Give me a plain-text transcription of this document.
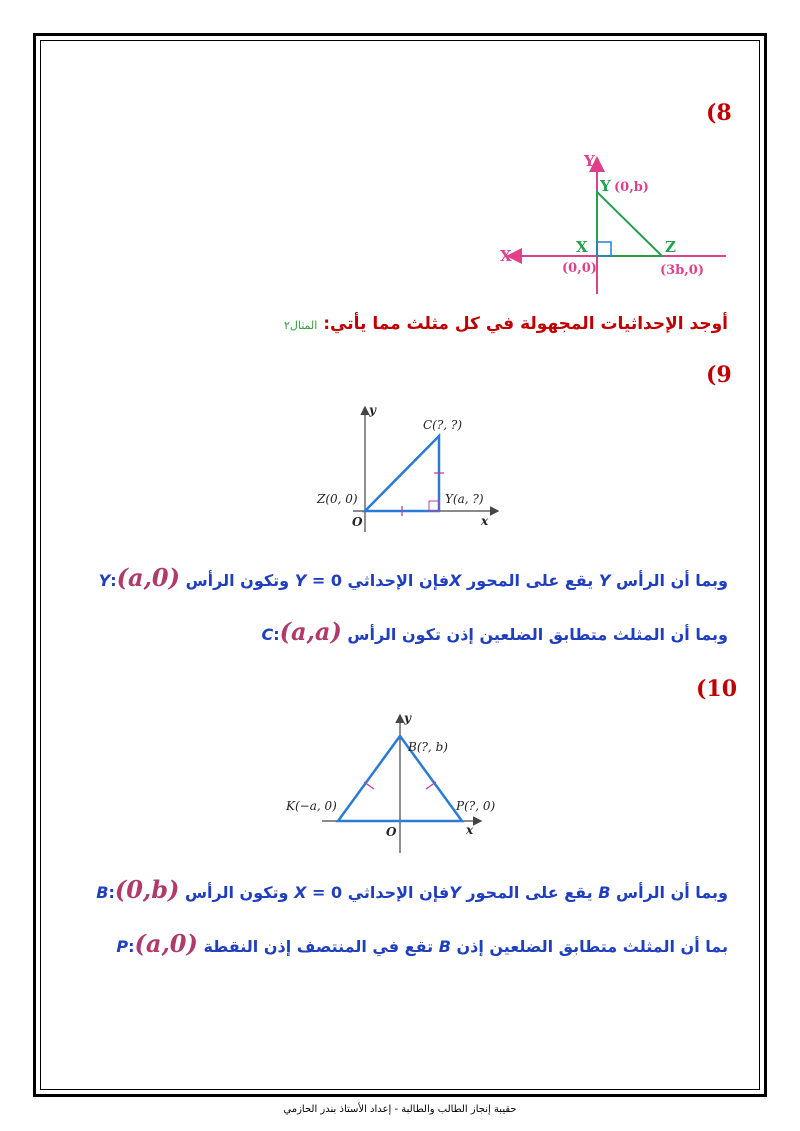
(8
X
Y
Y (0,b)
X
(0,0)
Z
(3b,0)
أوجد الإحداثيات المجهولة في كل مثلث مما يأتي: المثال٢
(9
y
x
O
Z(0, 0)
C(?, ?)
Y(a, ?)
وبما أن الرأس Y يقع على المحور Xفإن الإحداثي Y = 0 وتكون الرأس Y:(a,0)
وبما أن المثلث متطابق الضلعين إذن تكون الرأس C:(a,a)
(10
y
x
O
B(?, b)
K(−a, 0)	P(?, 0)
وبما أن الرأس B يقع على المحور Yفإن الإحداثي X = 0 وتكون الرأس B:(0,b)
بما أن المثلث متطابق الضلعين إذن B تقع في المنتصف إذن النقطة P:(a,0)
حقيبة إنجاز الطالب والطالبة - إعداد الأستاذ بندر الحازمي
